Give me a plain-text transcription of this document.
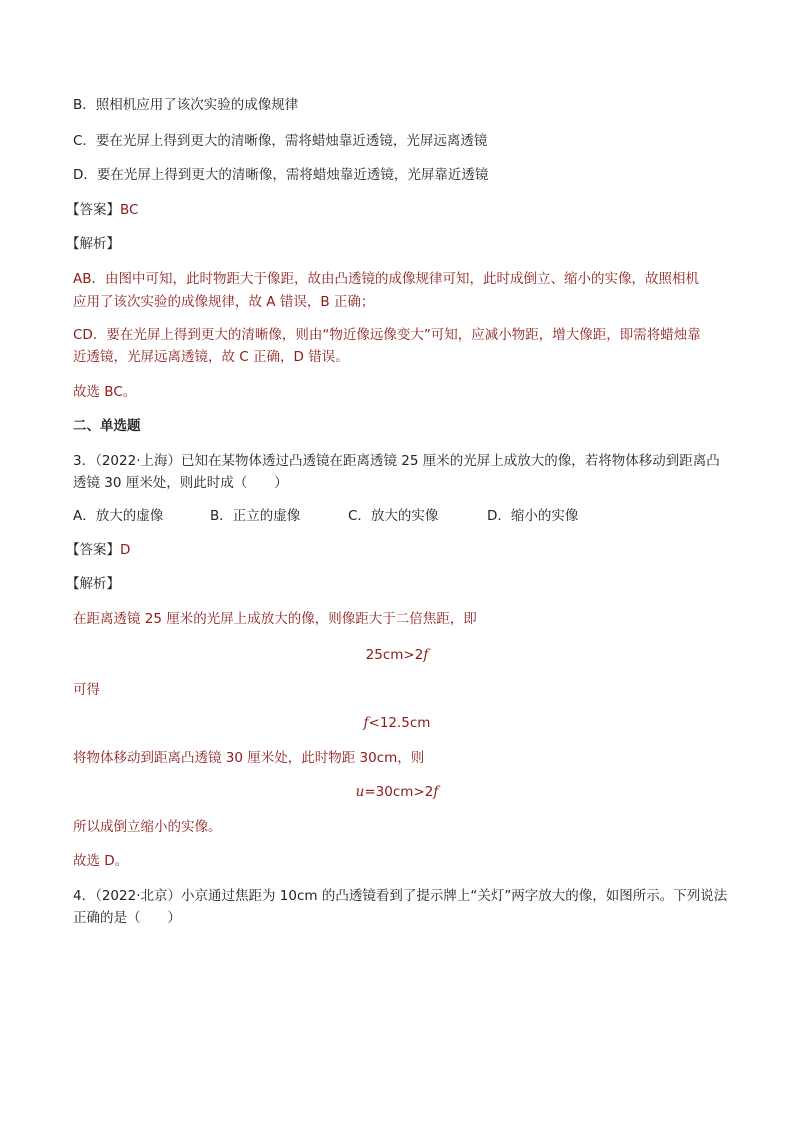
B．照相机应用了该次实验的成像规律
C．要在光屏上得到更大的清晰像，需将蜡烛靠近透镜，光屏远离透镜
D．要在光屏上得到更大的清晰像，需将蜡烛靠近透镜，光屏靠近透镜
【答案】BC
【解析】
AB．由图中可知，此时物距大于像距，故由凸透镜的成像规律可知，此时成倒立、缩小的实像，故照相机
应用了该次实验的成像规律，故 A 错误，B 正确；
CD．要在光屏上得到更大的清晰像，则由“物近像远像变大”可知，应减小物距，增大像距，即需将蜡烛靠
近透镜，光屏远离透镜，故 C 正确，D 错误。
故选 BC。
二、单选题
3．（2022·上海）已知在某物体透过凸透镜在距离透镜 25 厘米的光屏上成放大的像，若将物体移动到距离凸
透镜 30 厘米处，则此时成（　　）
A．放大的虚像	B．正立的虚像	C．放大的实像	D．缩小的实像
【答案】D
【解析】
在距离透镜 25 厘米的光屏上成放大的像，则像距大于二倍焦距，即
25cm>2f
可得
f<12.5cm
将物体移动到距离凸透镜 30 厘米处，此时物距 30cm，则
u=30cm>2f
所以成倒立缩小的实像。
故选 D。
4．（2022·北京）小京通过焦距为 10cm 的凸透镜看到了提示牌上“关灯”两字放大的像，如图所示。下列说法
正确的是（　　）
